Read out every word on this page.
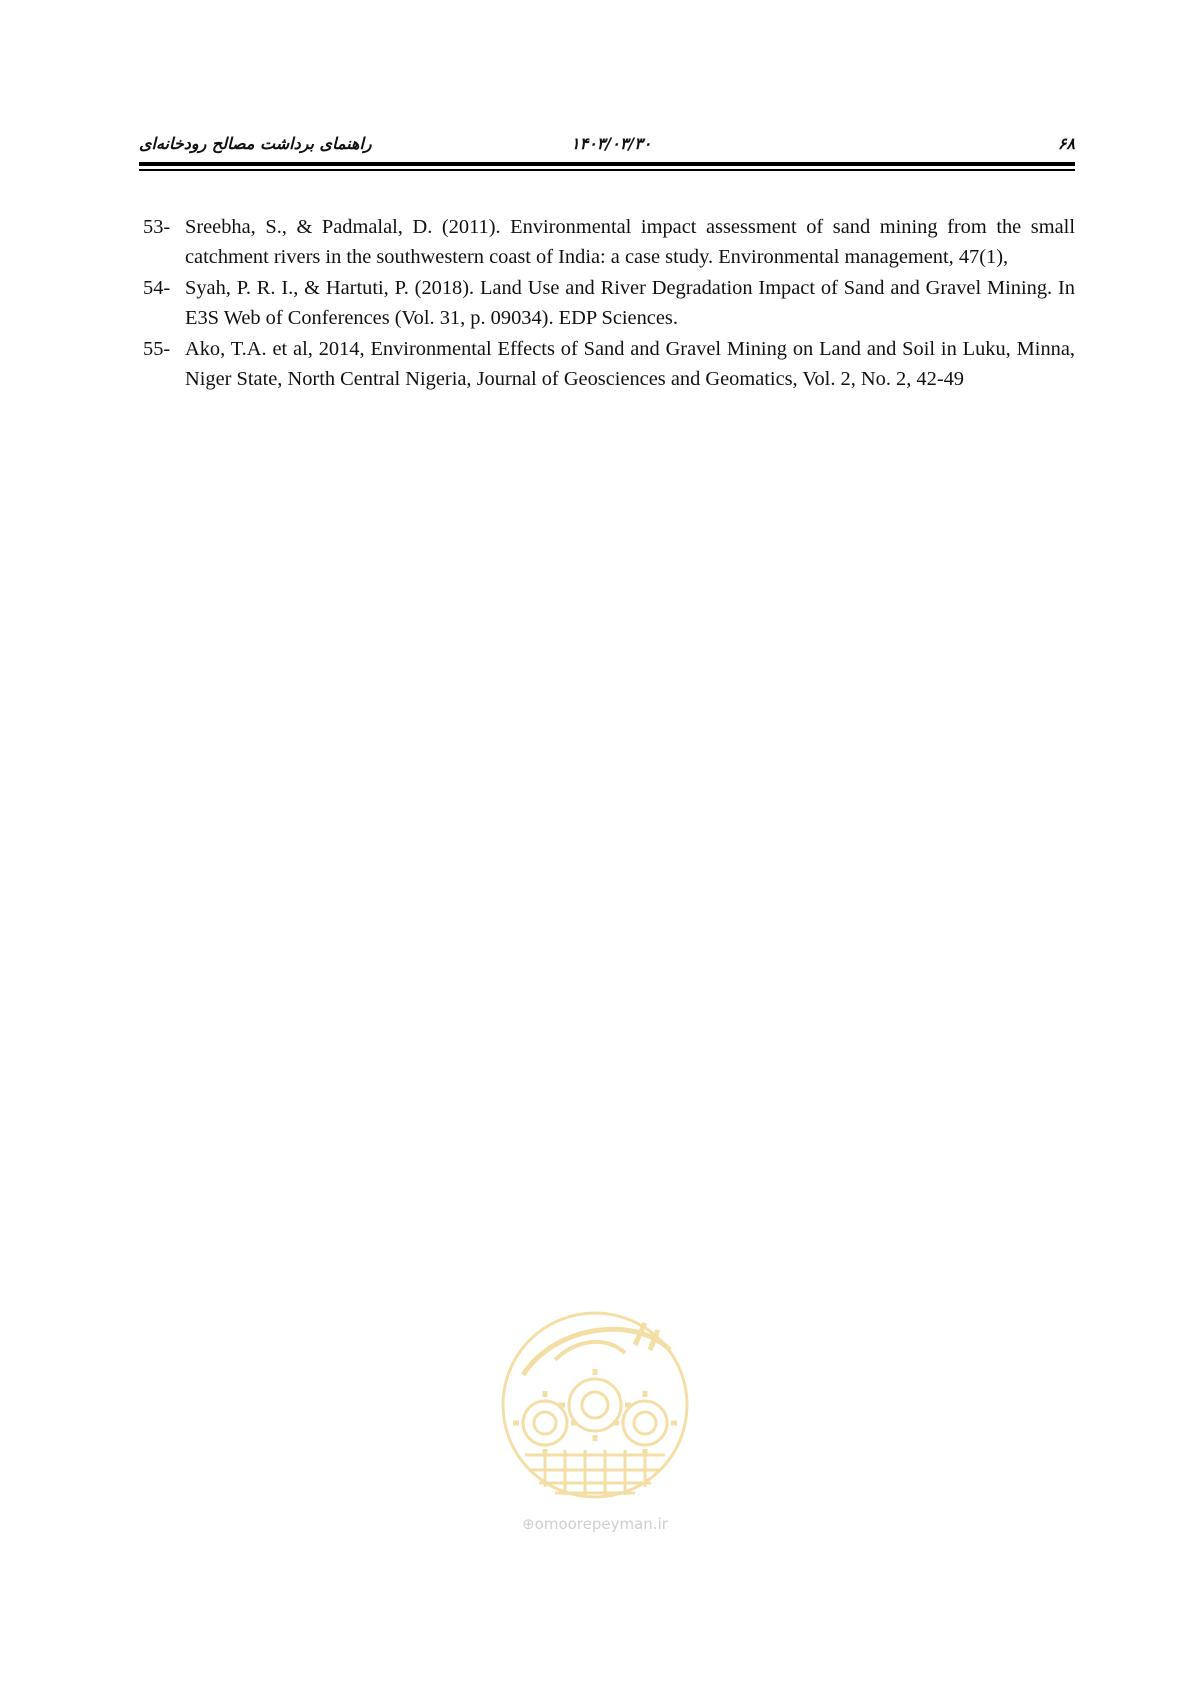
راهنمای برداشت مصالح رودخانه‌ای	۱۴۰۳/۰۳/۳۰	۶۸
53- Sreebha, S., & Padmalal, D. (2011). Environmental impact assessment of sand mining from the small catchment rivers in the southwestern coast of India: a case study. Environmental management, 47(1),
54- Syah, P. R. I., & Hartuti, P. (2018). Land Use and River Degradation Impact of Sand and Gravel Mining. In E3S Web of Conferences (Vol. 31, p. 09034). EDP Sciences.
55- Ako, T.A. et al, 2014, Environmental Effects of Sand and Gravel Mining on Land and Soil in Luku, Minna, Niger State, North Central Nigeria, Journal of Geosciences and Geomatics, Vol. 2, No. 2, 42-49
⊕omoorepeyman.ir
